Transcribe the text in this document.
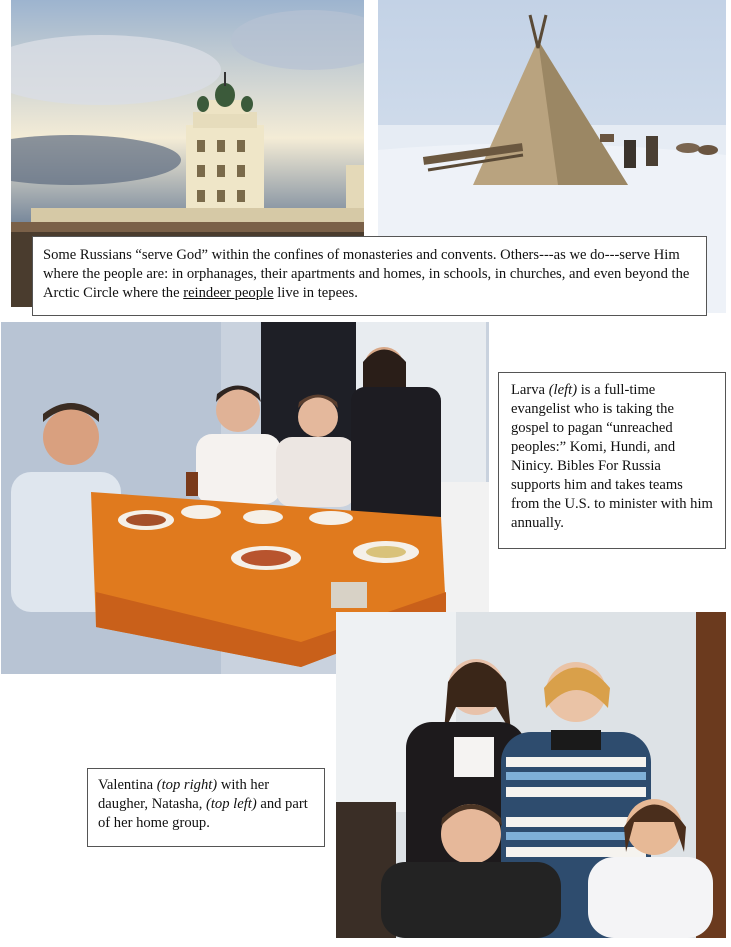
Some Russians “serve God” within the confines of monasteries and convents. Others---as we do---serve Him where the people are: in orphanages, their apartments and homes, in schools, in churches, and even beyond the Arctic Circle where the reindeer people live in tepees.
Larva (left) is a full-time evangelist who is taking the gospel to pagan “unreached peoples:” Komi, Hundi, and Ninicy. Bibles For Russia supports him and takes teams from the U.S. to minister with him annually.
Valentina (top right) with her daugher, Natasha, (top left) and part of her home group.
